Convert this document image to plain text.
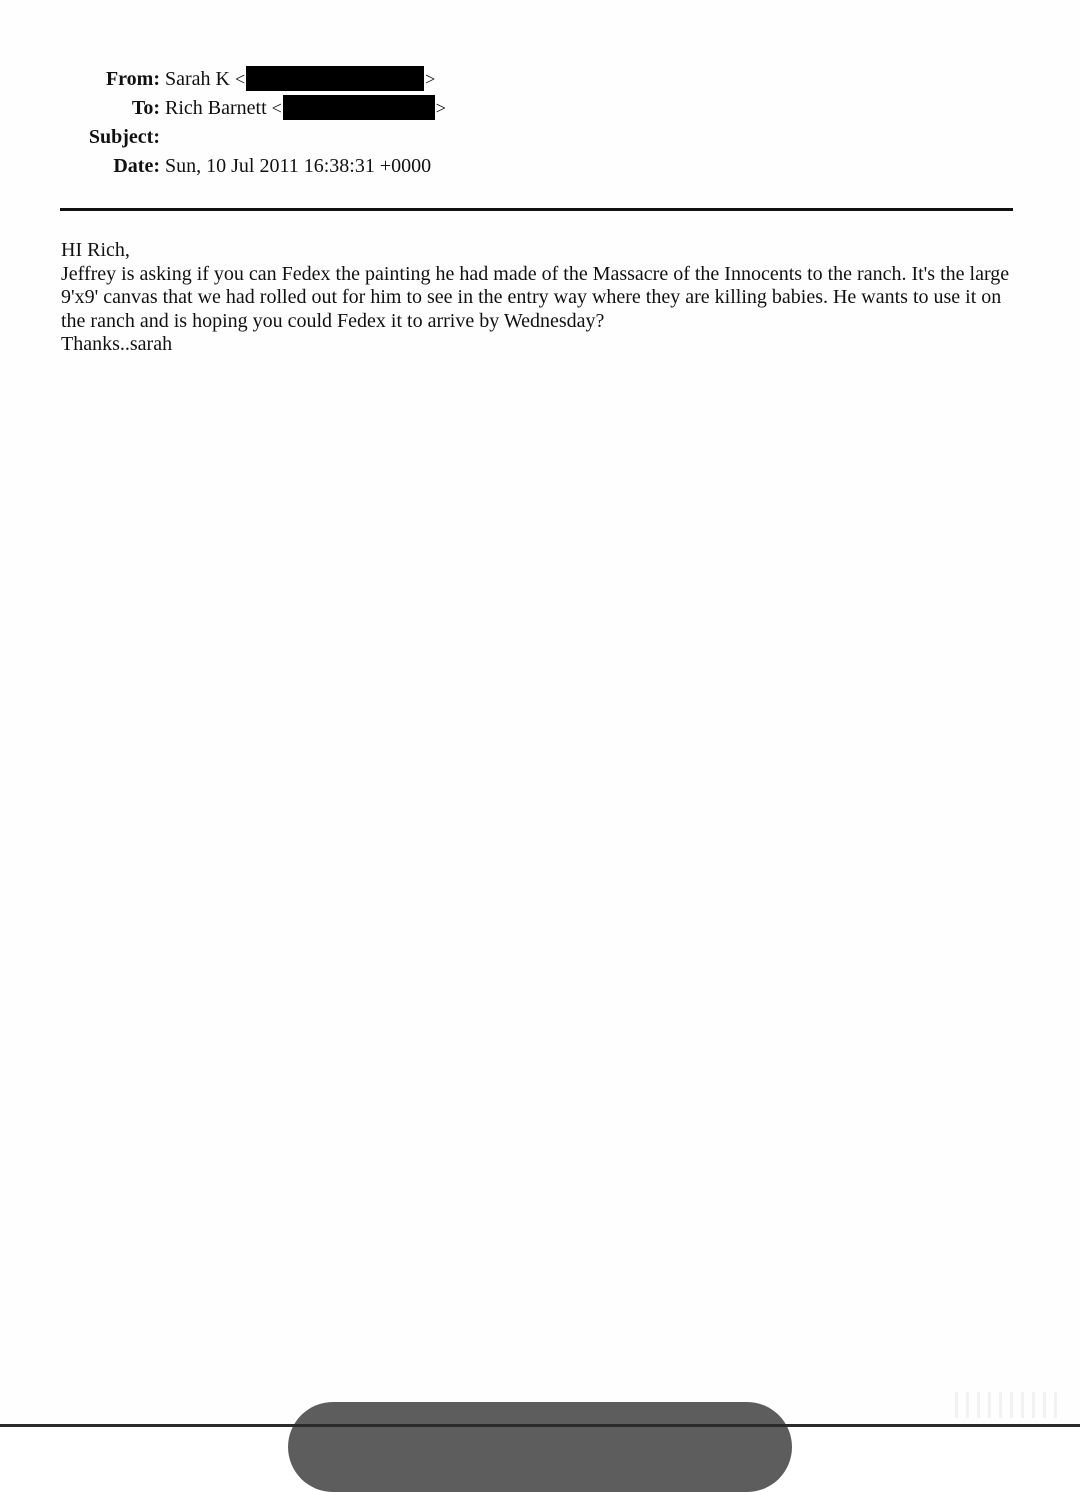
From: Sarah K <	>
To: Rich Barnett <	>
Subject:
Date: Sun, 10 Jul 2011 16:38:31 +0000

HI Rich,

Jeffrey is asking if you can Fedex the painting he had made of the Massacre of the Innocents to the ranch. It's the large 9'x9' canvas that we had rolled out for him to see in the entry way where they are killing babies. He wants to use it on the ranch and is hoping you could Fedex it to arrive by Wednesday?

Thanks..sarah
